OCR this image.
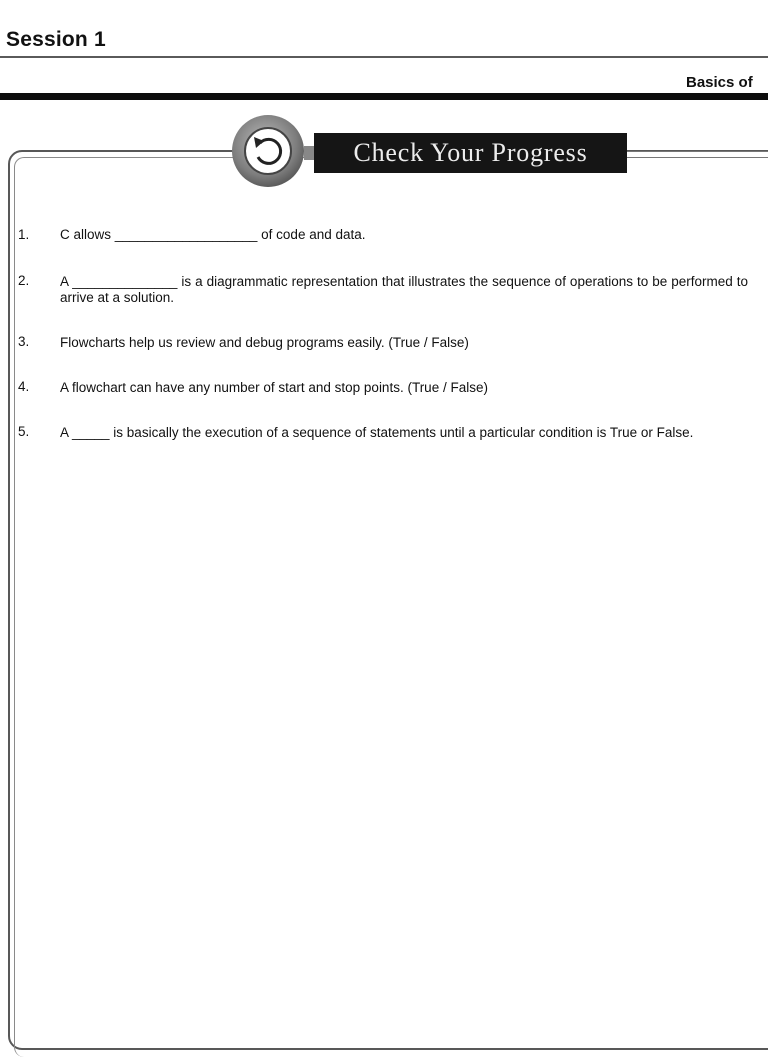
Session 1
Basics of
Check Your Progress
1. C allows ___________________ of code and data.
2. A ______________ is a diagrammatic representation that illustrates the sequence of operations to be performed to arrive at a solution.
3. Flowcharts help us review and debug programs easily. (True / False)
4. A flowchart can have any number of start and stop points. (True / False)
5. A _____ is basically the execution of a sequence of statements until a particular condition is True or False.
